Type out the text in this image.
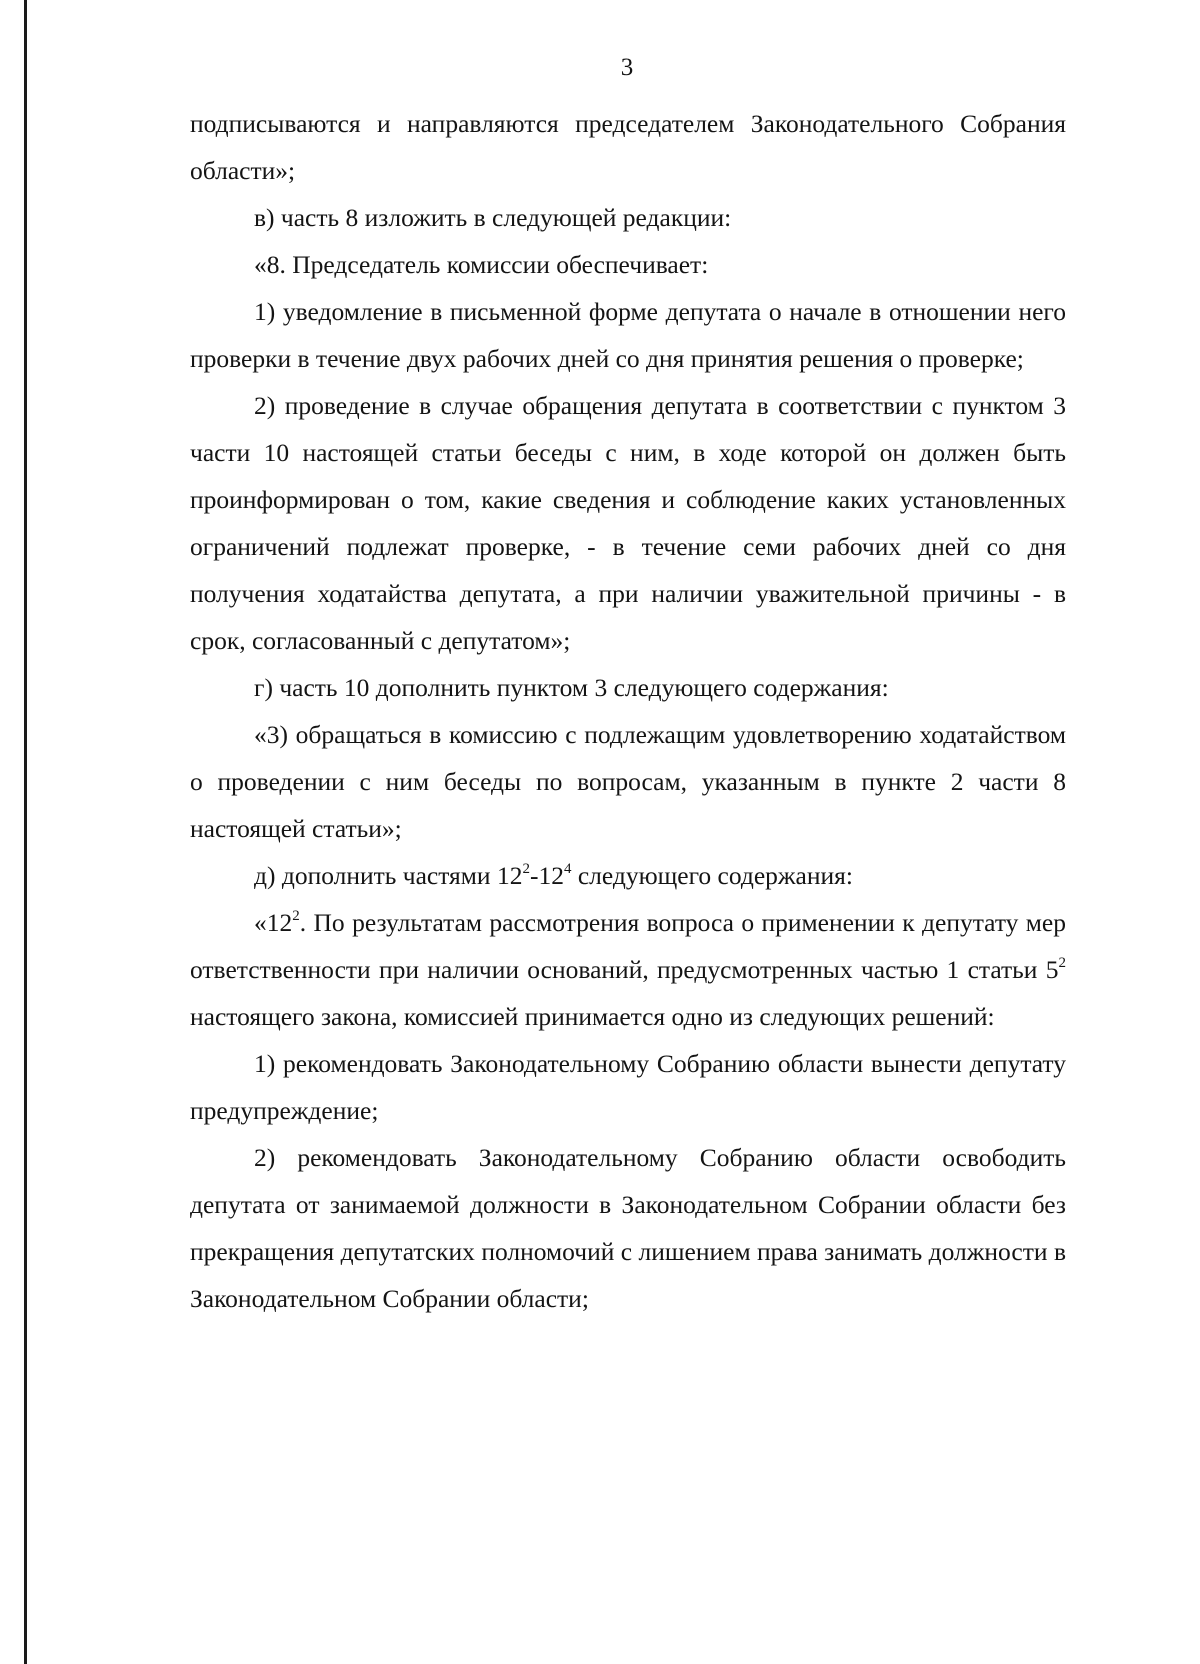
3

подписываются и направляются председателем Законодательного Собрания области»;

в) часть 8 изложить в следующей редакции:

«8. Председатель комиссии обеспечивает:

1) уведомление в письменной форме депутата о начале в отношении него проверки в течение двух рабочих дней со дня принятия решения о проверке;

2) проведение в случае обращения депутата в соответствии с пунктом 3 части 10 настоящей статьи беседы с ним, в ходе которой он должен быть проинформирован о том, какие сведения и соблюдение каких установленных ограничений подлежат проверке, - в течение семи рабочих дней со дня получения ходатайства депутата, а при наличии уважительной причины - в срок, согласованный с депутатом»;

г) часть 10 дополнить пунктом 3 следующего содержания:

«3) обращаться в комиссию с подлежащим удовлетворению ходатайством о проведении с ним беседы по вопросам, указанным в пункте 2 части 8 настоящей статьи»;

д) дополнить частями $12^2-12^4$ следующего содержания:

«$12^2$. По результатам рассмотрения вопроса о применении к депутату мер ответственности при наличии оснований, предусмотренных частью 1 статьи $5^2$ настоящего закона, комиссией принимается одно из следующих решений:

1) рекомендовать Законодательному Собранию области вынести депутату предупреждение;

2) рекомендовать Законодательному Собранию области освободить депутата от занимаемой должности в Законодательном Собрании области без прекращения депутатских полномочий с лишением права занимать должности в Законодательном Собрании области;
